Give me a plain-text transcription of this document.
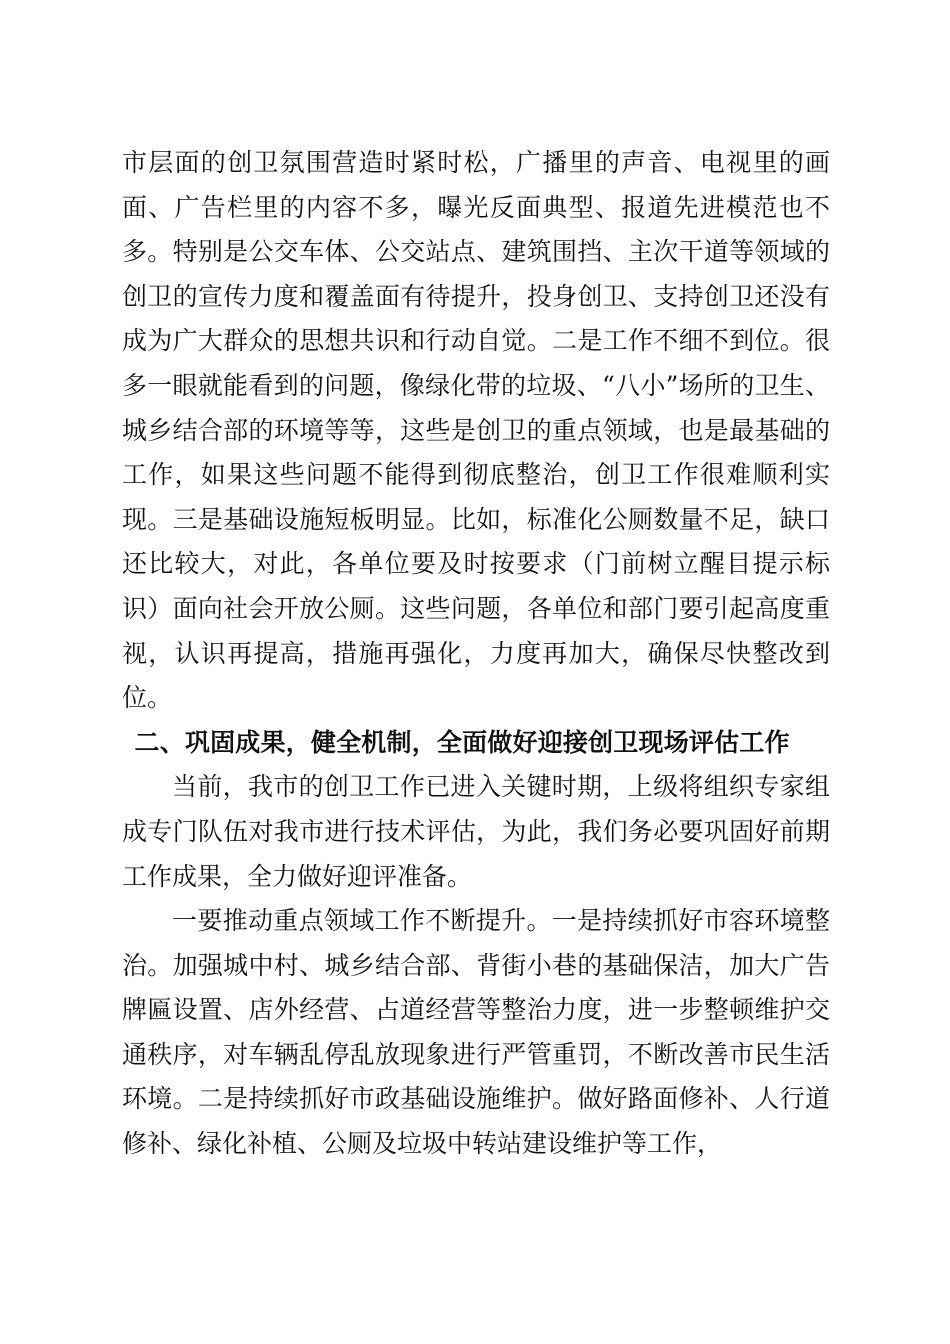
市层面的创卫氛围营造时紧时松，广播里的声音、电视里的画面、广告栏里的内容不多，曝光反面典型、报道先进模范也不多。特别是公交车体、公交站点、建筑围挡、主次干道等领域的创卫的宣传力度和覆盖面有待提升，投身创卫、支持创卫还没有成为广大群众的思想共识和行动自觉。二是工作不细不到位。很多一眼就能看到的问题，像绿化带的垃圾、“八小”场所的卫生、城乡结合部的环境等等，这些是创卫的重点领域，也是最基础的工作，如果这些问题不能得到彻底整治，创卫工作很难顺利实现。三是基础设施短板明显。比如，标准化公厕数量不足，缺口还比较大，对此，各单位要及时按要求（门前树立醒目提示标识）面向社会开放公厕。这些问题，各单位和部门要引起高度重视，认识再提高，措施再强化，力度再加大，确保尽快整改到位。

二、巩固成果，健全机制，全面做好迎接创卫现场评估工作

当前，我市的创卫工作已进入关键时期，上级将组织专家组成专门队伍对我市进行技术评估，为此，我们务必要巩固好前期工作成果，全力做好迎评准备。

一要推动重点领域工作不断提升。一是持续抓好市容环境整治。加强城中村、城乡结合部、背街小巷的基础保洁，加大广告牌匾设置、店外经营、占道经营等整治力度，进一步整顿维护交通秩序，对车辆乱停乱放现象进行严管重罚，不断改善市民生活环境。二是持续抓好市政基础设施维护。做好路面修补、人行道修补、绿化补植、公厕及垃圾中转站建设维护等工作，
